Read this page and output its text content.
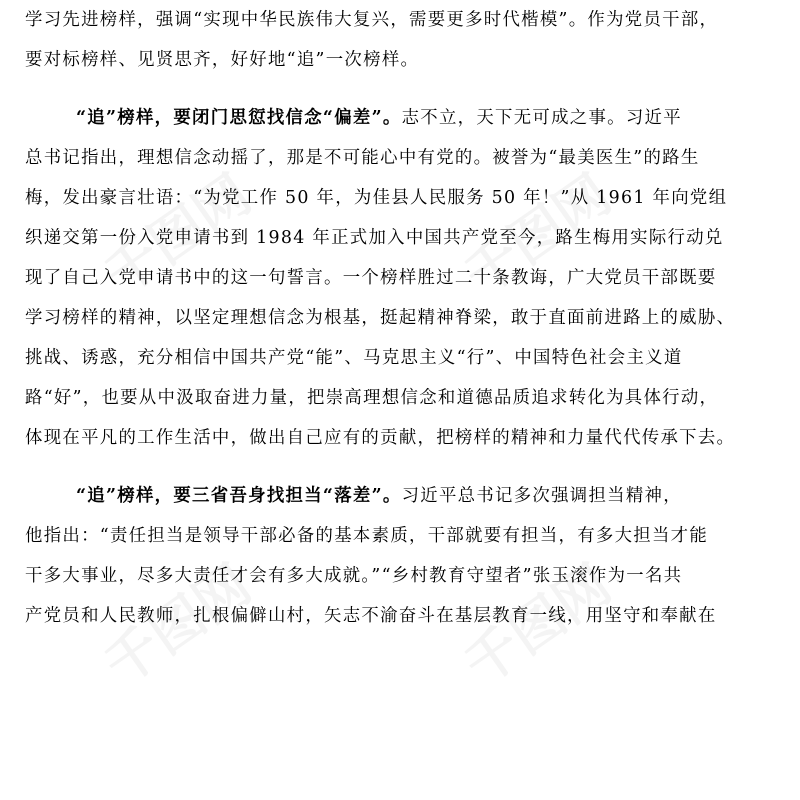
千图网	千图网
千图网	千图网
学习先进榜样，强调“实现中华民族伟大复兴，需要更多时代楷模”。作为党员干部，
要对标榜样、见贤思齐，好好地“追”一次榜样。
“追”榜样，要闭门思愆找信念“偏差”。志不立，天下无可成之事。习近平
总书记指出，理想信念动摇了，那是不可能心中有党的。被誉为“最美医生”的路生
梅，发出豪言壮语：“为党工作 50 年，为佳县人民服务 50 年！”从 1961 年向党组
织递交第一份入党申请书到 1984 年正式加入中国共产党至今，路生梅用实际行动兑
现了自己入党申请书中的这一句誓言。一个榜样胜过二十条教诲，广大党员干部既要
学习榜样的精神，以坚定理想信念为根基，挺起精神脊梁，敢于直面前进路上的威胁、
挑战、诱惑，充分相信中国共产党“能”、马克思主义“行”、中国特色社会主义道
路“好”，也要从中汲取奋进力量，把崇高理想信念和道德品质追求转化为具体行动，
体现在平凡的工作生活中，做出自己应有的贡献，把榜样的精神和力量代代传承下去。
“追”榜样，要三省吾身找担当“落差”。习近平总书记多次强调担当精神，
他指出：“责任担当是领导干部必备的基本素质，干部就要有担当，有多大担当才能
干多大事业，尽多大责任才会有多大成就。”“乡村教育守望者”张玉滚作为一名共
产党员和人民教师，扎根偏僻山村，矢志不渝奋斗在基层教育一线，用坚守和奉献在
